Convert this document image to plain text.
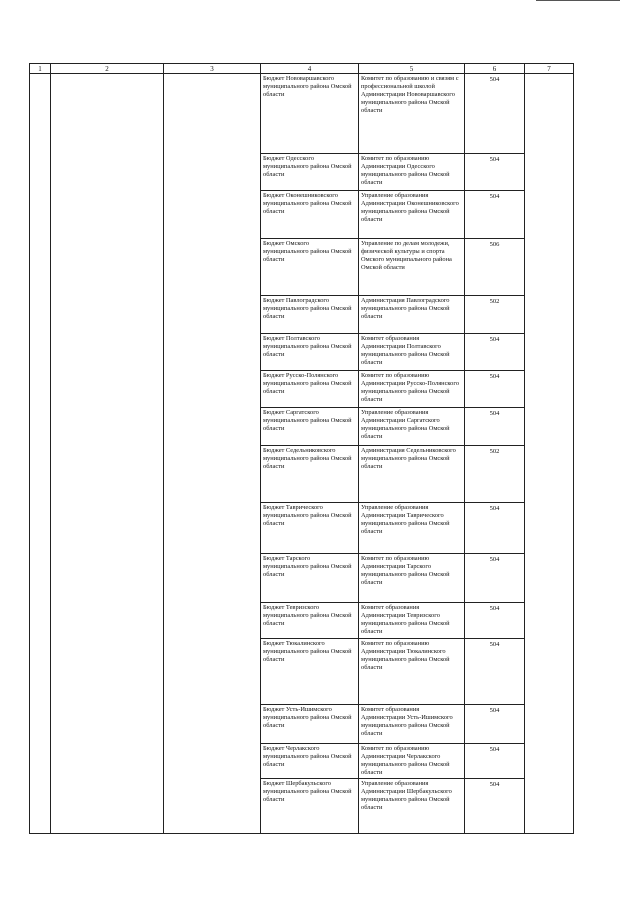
1	2	3	4	5	6	7

			Бюджет Нововаршавского муниципального района Омской области	Комитет по образованию и связям с профессиональной школой Администрации Нововаршавского муниципального района Омской области	504	

			Бюджет Одесского муниципального района Омской области	Комитет по образованию Администрации Одесского муниципального района Омской области	504	

			Бюджет Оконешниковского муниципального района Омской области	Управление образования Администрации Оконешниковского муниципального района Омской области	504	

			Бюджет Омского муниципального района Омской области	Управление по делам молодежи, физической культуры и спорта Омского муниципального района Омской области	506	

			Бюджет Павлоградского муниципального района Омской области	Администрация Павлоградского муниципального района Омской области	502	

			Бюджет Полтавского муниципального района Омской области	Комитет образования Администрации Полтавского муниципального района Омской области	504	

			Бюджет Русско-Полянского муниципального района Омской области	Комитет по образованию Администрации Русско-Полянского муниципального района Омской области	504	

			Бюджет Саргатского муниципального района Омской области	Управление образования Администрации Саргатского муниципального района Омской области	504	

			Бюджет Седельниковского муниципального района Омской области	Администрация Седельниковского муниципального района Омской области	502	

			Бюджет Таврического муниципального района Омской области	Управление образования Администрации Таврического муниципального района Омской области	504	

			Бюджет Тарского муниципального района Омской области	Комитет по образованию Администрации Тарского муниципального района Омской области	504	

			Бюджет Тевризского муниципального района Омской области	Комитет образования Администрации Тевризского муниципального района Омской области	504	

			Бюджет Тюкалинского муниципального района Омской области	Комитет по образованию Администрации Тюкалинского муниципального района Омской области	504	

			Бюджет Усть-Ишимского муниципального района Омской области	Комитет образования Администрации Усть-Ишимского муниципального района Омской области	504	

			Бюджет Черлакского муниципального района Омской области	Комитет по образованию Администрации Черлакского муниципального района Омской области	504	

			Бюджет Шербакульского муниципального района Омской области	Управление образования Администрации Шербакульского муниципального района Омской области	504	
